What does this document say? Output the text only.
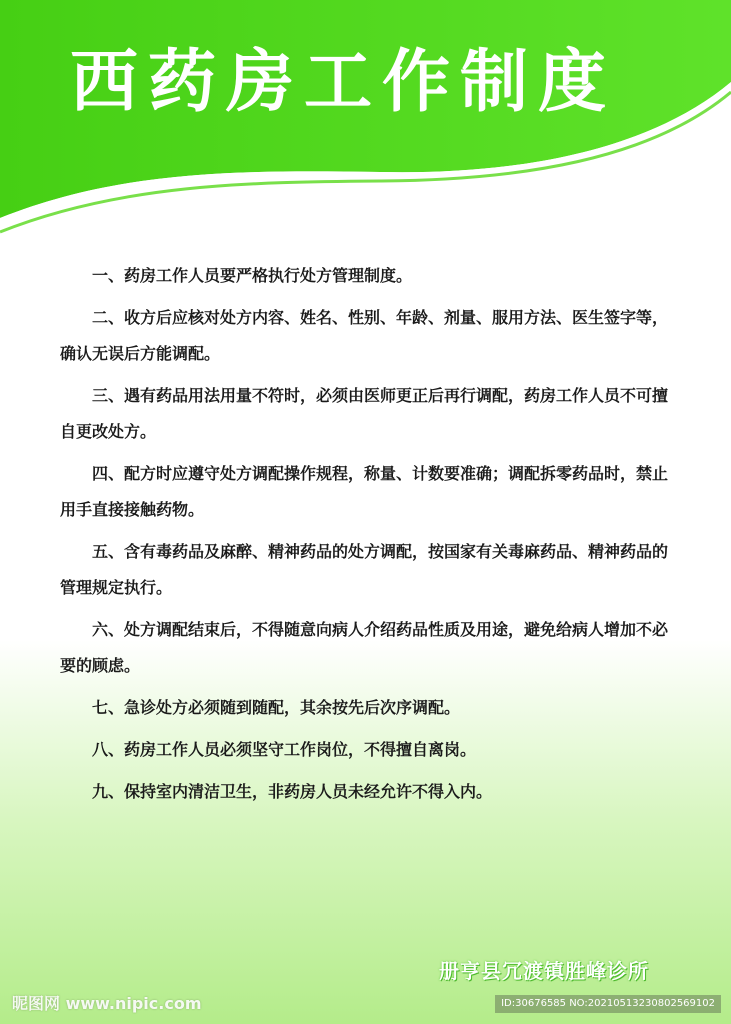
西药房工作制度
一、药房工作人员要严格执行处方管理制度。
二、收方后应核对处方内容、姓名、性别、年龄、剂量、服用方法、医生签字等，确认无误后方能调配。
三、遇有药品用法用量不符时，必须由医师更正后再行调配，药房工作人员不可擅自更改处方。
四、配方时应遵守处方调配操作规程，称量、计数要准确；调配拆零药品时，禁止用手直接接触药物。
五、含有毒药品及麻醉、精神药品的处方调配，按国家有关毒麻药品、精神药品的管理规定执行。
六、处方调配结束后，不得随意向病人介绍药品性质及用途，避免给病人增加不必要的顾虑。
七、急诊处方必须随到随配，其余按先后次序调配。
八、药房工作人员必须坚守工作岗位，不得擅自离岗。
九、保持室内清洁卫生，非药房人员未经允许不得入内。
册亨县冗渡镇胜峰诊所
昵图网 www.nipic.com	ID:30676585 NO:20210513230802569102
